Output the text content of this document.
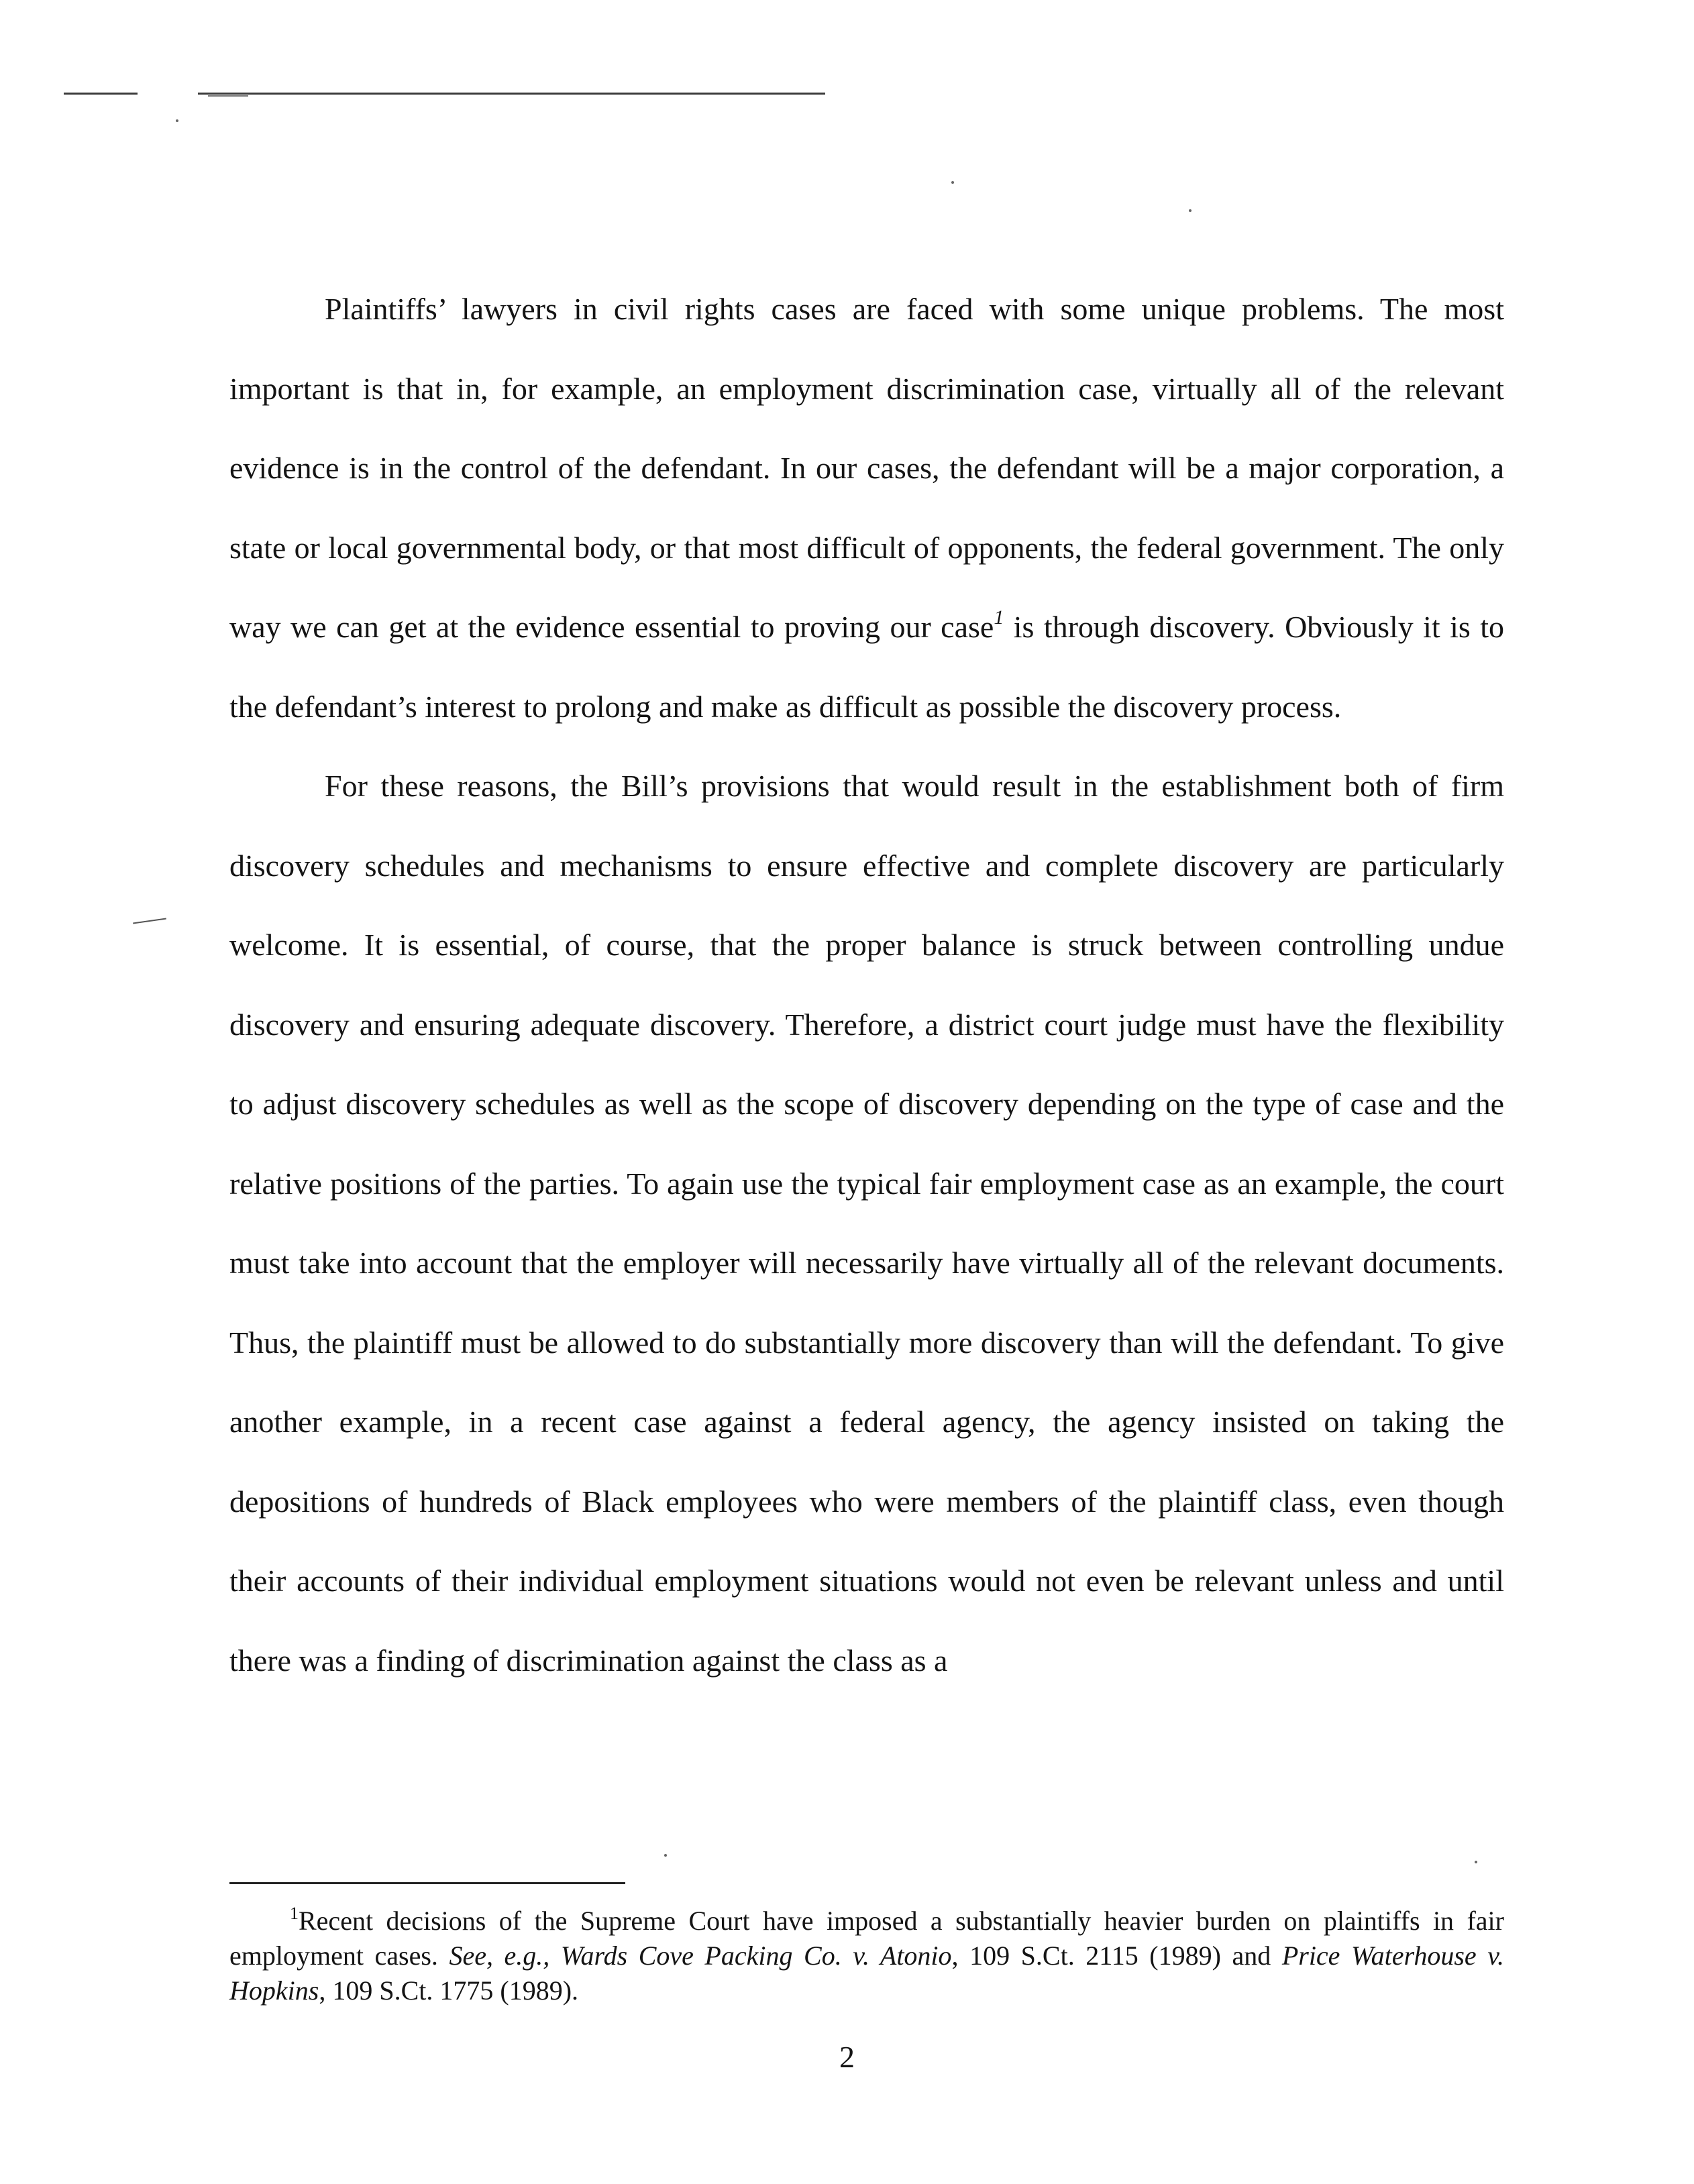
Plaintiffs’ lawyers in civil rights cases are faced with some unique problems. The most important is that in, for example, an employment discrimination case, virtually all of the relevant evidence is in the control of the defendant. In our cases, the defendant will be a major corporation, a state or local governmental body, or that most difficult of opponents, the federal government. The only way we can get at the evidence essential to proving our case$^1$ is through discovery. Obviously it is to the defendant’s interest to prolong and make as difficult as possible the discovery process.

For these reasons, the Bill’s provisions that would result in the establishment both of firm discovery schedules and mechanisms to ensure effective and complete discovery are particularly welcome. It is essential, of course, that the proper balance is struck between controlling undue discovery and ensuring adequate discovery. Therefore, a district court judge must have the flexibility to adjust discovery schedules as well as the scope of discovery depending on the type of case and the relative positions of the parties. To again use the typical fair employment case as an example, the court must take into account that the employer will necessarily have virtually all of the relevant documents. Thus, the plaintiff must be allowed to do substantially more discovery than will the defendant. To give another example, in a recent case against a federal agency, the agency insisted on taking the depositions of hundreds of Black employees who were members of the plaintiff class, even though their accounts of their individual employment situations would not even be relevant unless and until there was a finding of discrimination against the class as a

$^1$Recent decisions of the Supreme Court have imposed a substantially heavier burden on plaintiffs in fair employment cases. See, e.g., Wards Cove Packing Co. v. Atonio, 109 S.Ct. 2115 (1989) and Price Waterhouse v. Hopkins, 109 S.Ct. 1775 (1989).

2
